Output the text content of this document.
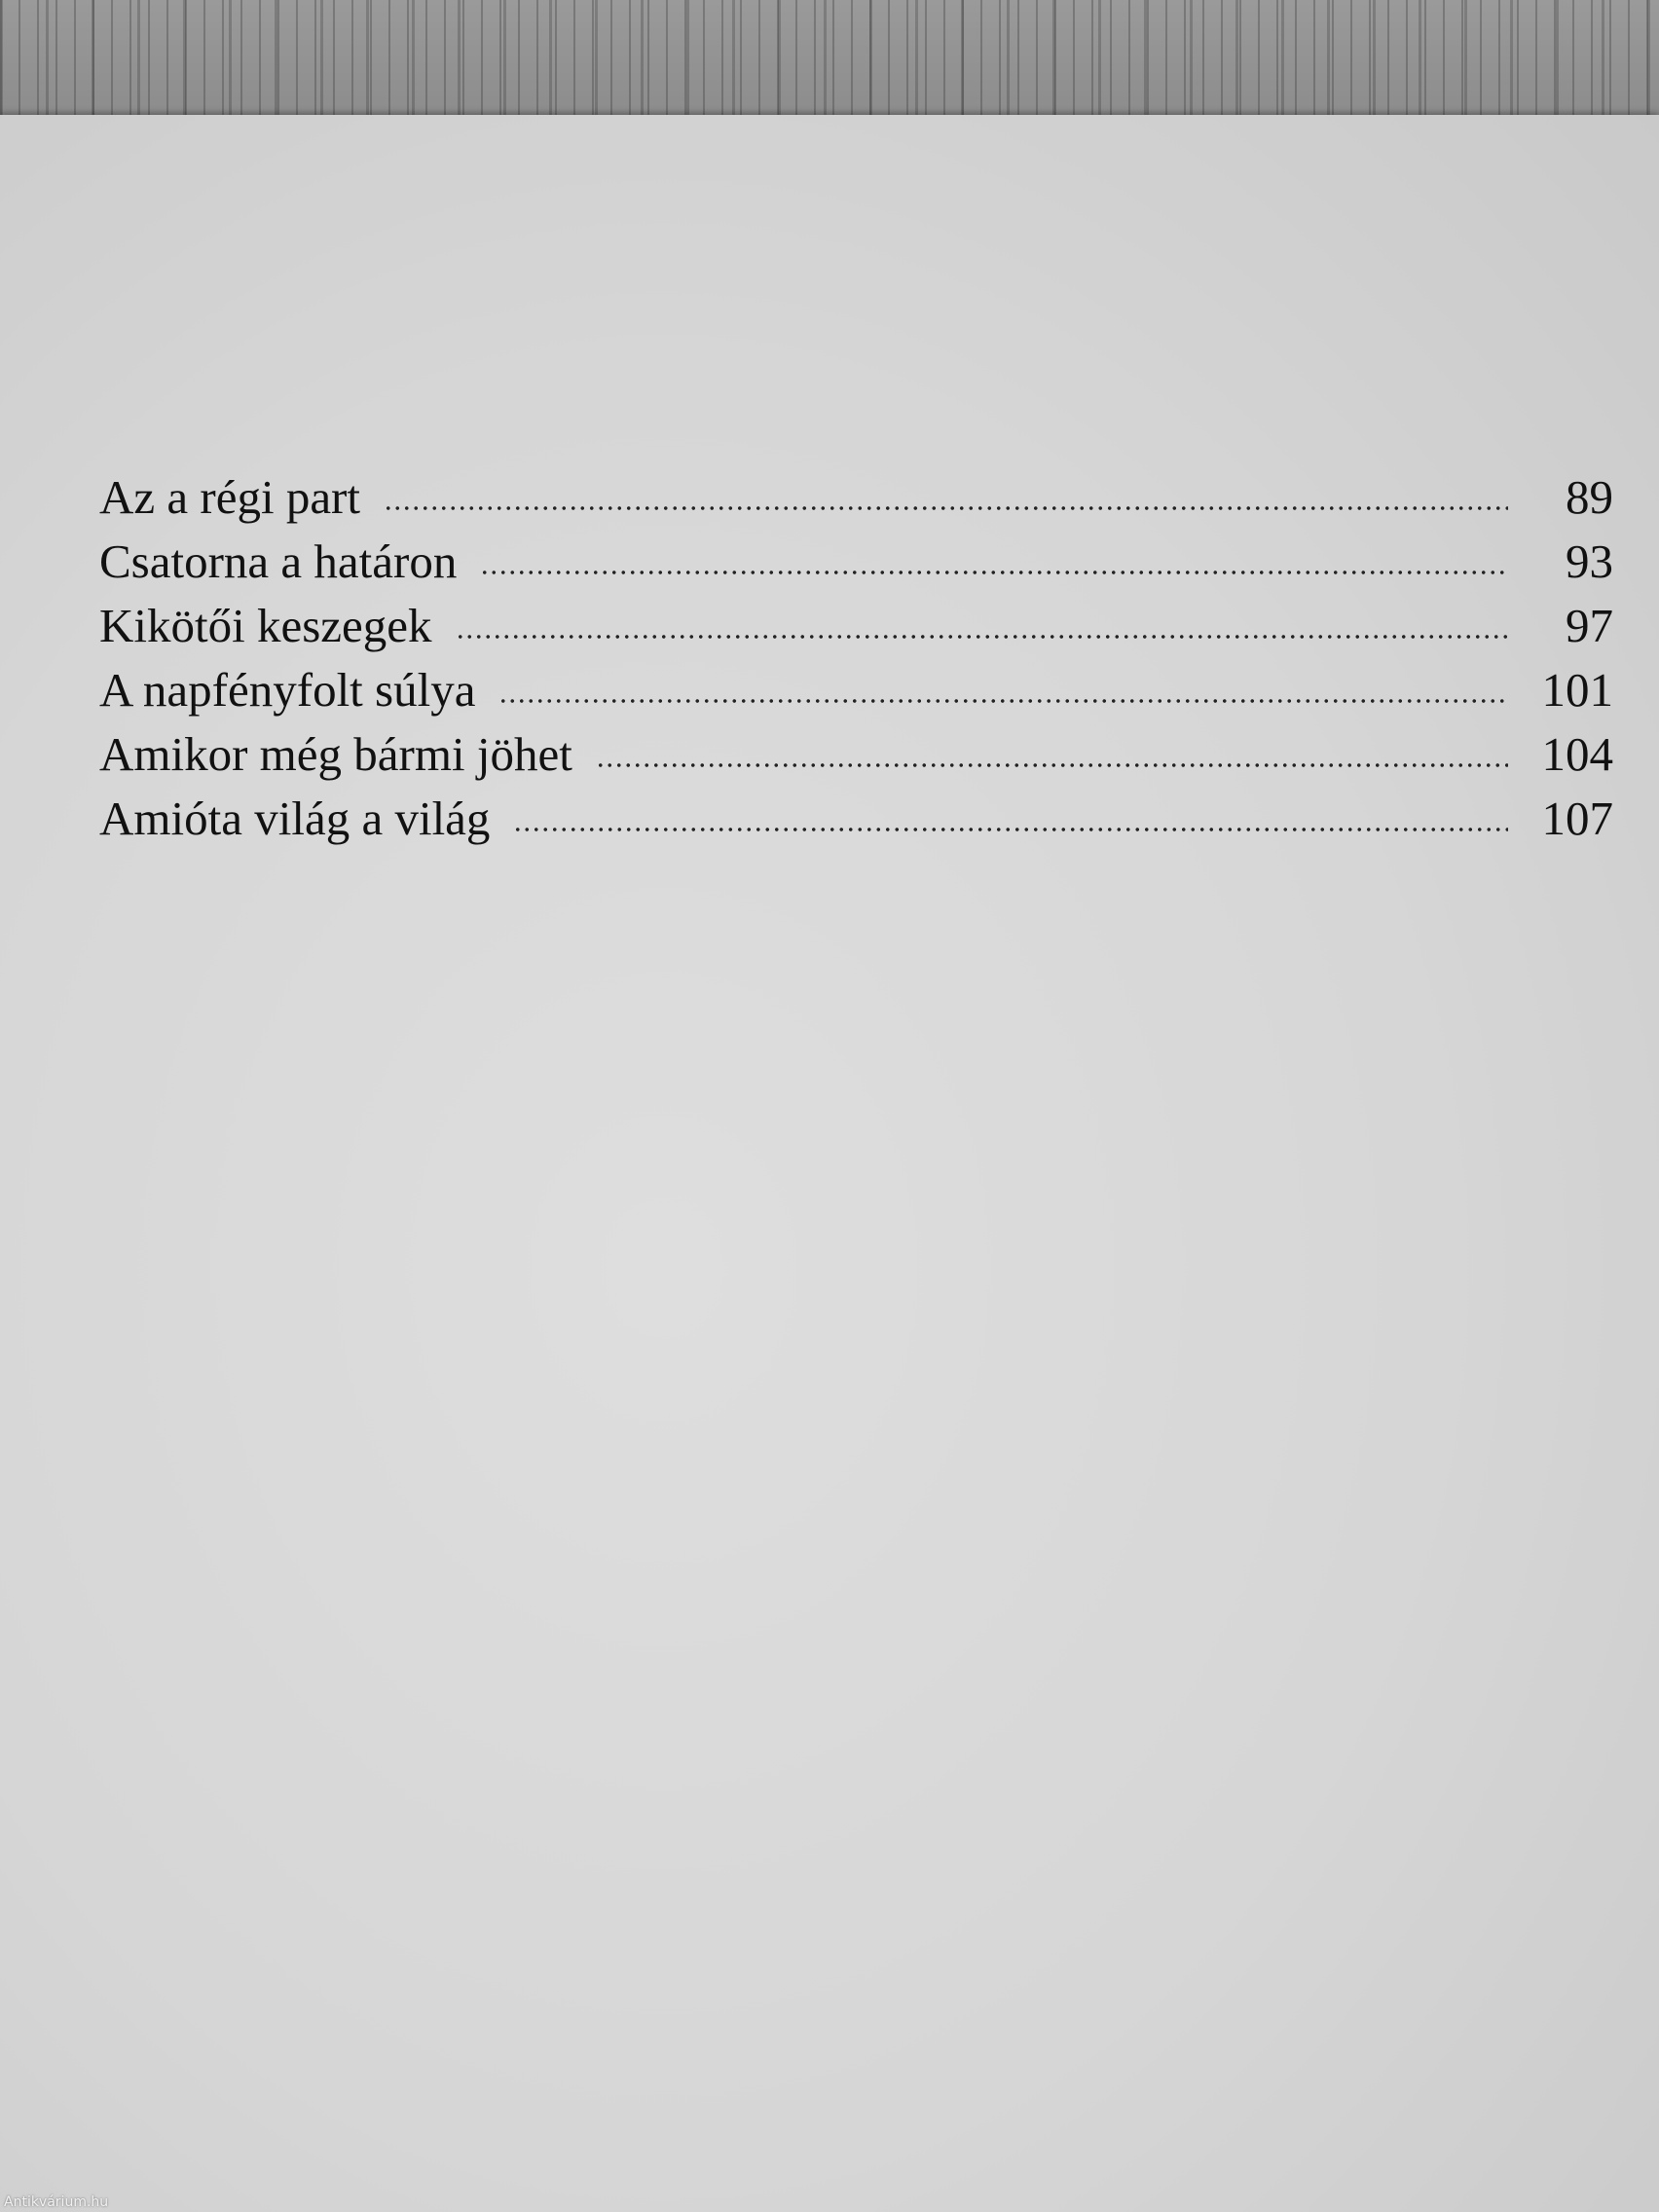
Az a régi part	89
Csatorna a határon	93
Kikötői keszegek	97
A napfényfolt súlya	101
Amikor még bármi jöhet	104
Amióta világ a világ	107
Antikvárium.hu
